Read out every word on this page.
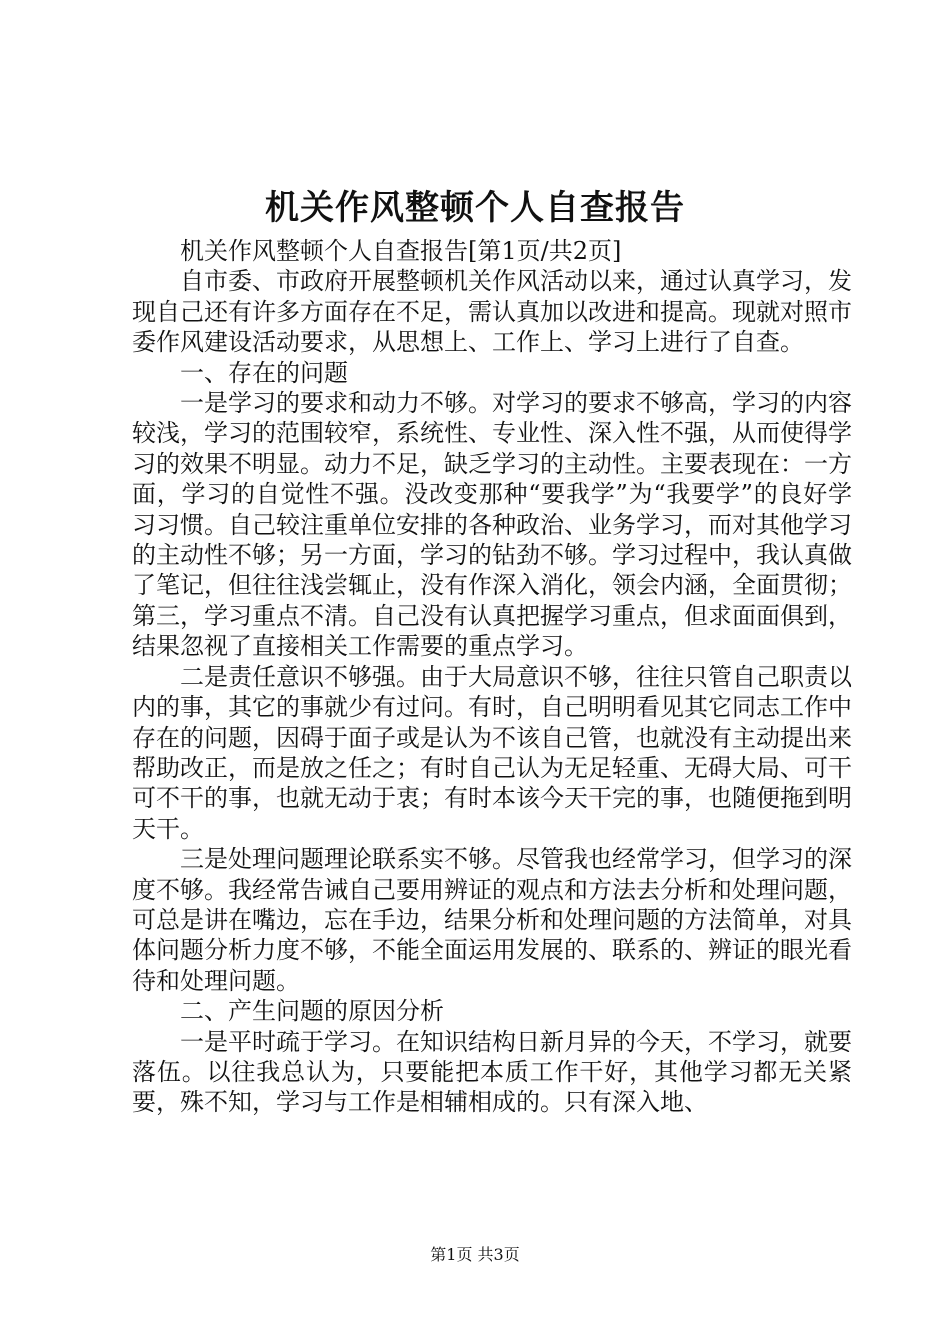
机关作风整顿个人自查报告

机关作风整顿个人自查报告[第1页/共2页]

自市委、市政府开展整顿机关作风活动以来，通过认真学习，发现自己还有许多方面存在不足，需认真加以改进和提高。现就对照市委作风建设活动要求，从思想上、工作上、学习上进行了自查。

一、存在的问题

一是学习的要求和动力不够。对学习的要求不够高，学习的内容较浅，学习的范围较窄，系统性、专业性、深入性不强，从而使得学习的效果不明显。动力不足，缺乏学习的主动性。主要表现在：一方面，学习的自觉性不强。没改变那种“要我学”为“我要学”的良好学习习惯。自己较注重单位安排的各种政治、业务学习，而对其他学习的主动性不够；另一方面，学习的钻劲不够。学习过程中，我认真做了笔记，但往往浅尝辄止，没有作深入消化，领会内涵，全面贯彻；第三，学习重点不清。自己没有认真把握学习重点，但求面面俱到，结果忽视了直接相关工作需要的重点学习。

二是责任意识不够强。由于大局意识不够，往往只管自己职责以内的事，其它的事就少有过问。有时，自己明明看见其它同志工作中存在的问题，因碍于面子或是认为不该自己管，也就没有主动提出来帮助改正，而是放之任之；有时自己认为无足轻重、无碍大局、可干可不干的事，也就无动于衷；有时本该今天干完的事，也随便拖到明天干。

三是处理问题理论联系实不够。尽管我也经常学习，但学习的深度不够。我经常告诫自己要用辨证的观点和方法去分析和处理问题，可总是讲在嘴边，忘在手边，结果分析和处理问题的方法简单，对具体问题分析力度不够，不能全面运用发展的、联系的、辨证的眼光看待和处理问题。

二、产生问题的原因分析

一是平时疏于学习。在知识结构日新月异的今天，不学习，就要落伍。以往我总认为，只要能把本质工作干好，其他学习都无关紧要，殊不知，学习与工作是相辅相成的。只有深入地、

第1页 共3页
